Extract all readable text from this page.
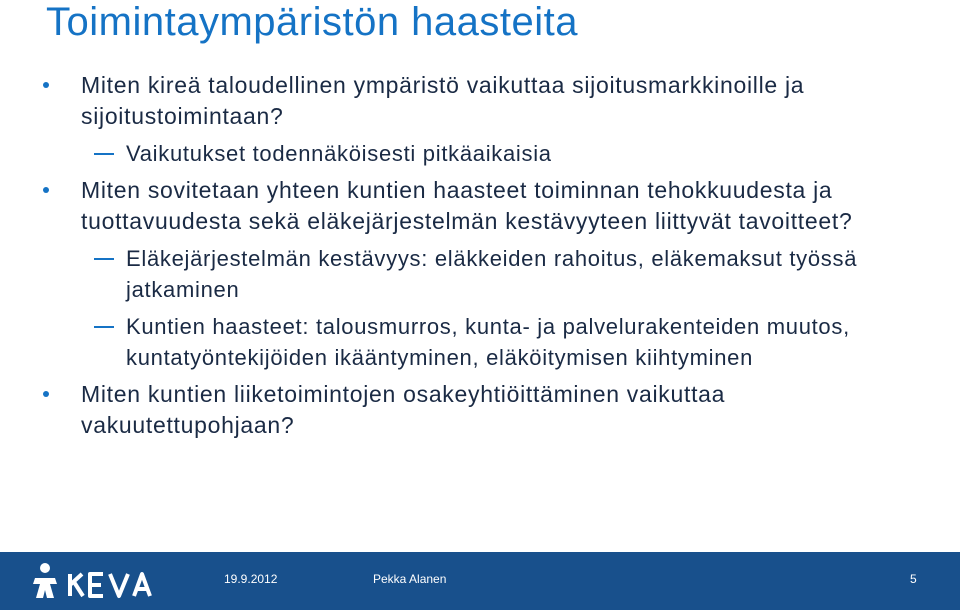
Toimintaympäristön haasteita
Miten kireä taloudellinen ympäristö vaikuttaa sijoitusmarkkinoille ja sijoitustoimintaan?
Vaikutukset todennäköisesti pitkäaikaisia
Miten sovitetaan yhteen kuntien haasteet toiminnan tehokkuudesta ja tuottavuudesta sekä eläkejärjestelmän kestävyyteen liittyvät tavoitteet?
Eläkejärjestelmän kestävyys: eläkkeiden rahoitus, eläkemaksut työssä jatkaminen
Kuntien haasteet: talousmurros, kunta- ja palvelurakenteiden muutos, kuntatyöntekijöiden ikääntyminen, eläköitymisen kiihtyminen
Miten kuntien liiketoimintojen osakeyhtiöittäminen vaikuttaa vakuutettupohjaan?
19.9.2012	Pekka Alanen	5
